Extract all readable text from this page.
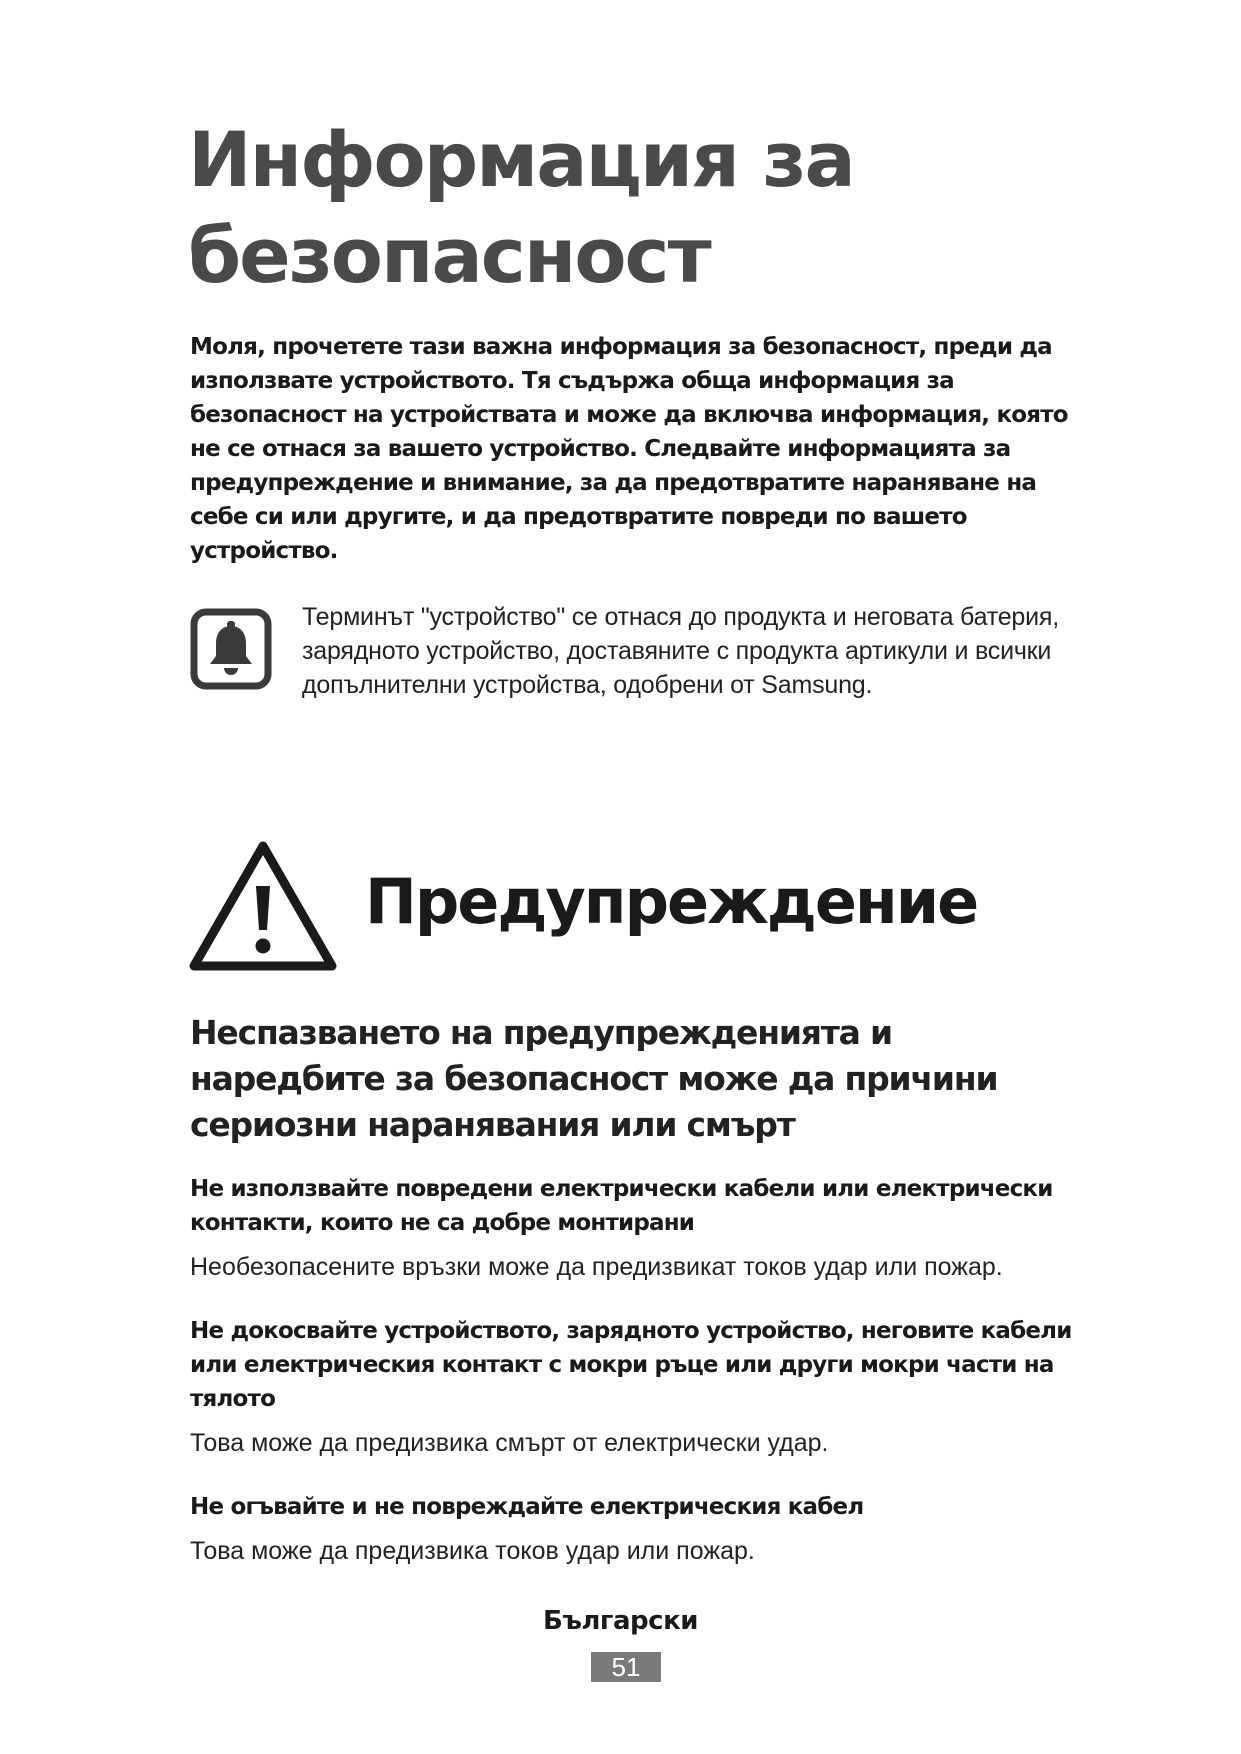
Информация за
безопасност

Моля, прочетете тази важна информация за безопасност, преди да използвате устройството. Тя съдържа обща информация за безопасност на устройствата и може да включва информация, която не се отнася за вашето устройство. Следвайте информацията за предупреждение и внимание, за да предотвратите нараняване на себе си или другите, и да предотвратите повреди по вашето устройство.

Терминът "устройство" се отнася до продукта и неговата батерия, зарядното устройство, доставяните с продукта артикули и всички допълнителни устройства, одобрени от Samsung.

Предупреждение
Неспазването на предупрежденията и наредбите за безопасност може да причини сериозни наранявания или смърт

Не използвайте повредени електрически кабели или електрически контакти, които не са добре монтирани

Необезопасените връзки може да предизвикат токов удар или пожар.

Не докосвайте устройството, зарядното устройство, неговите кабели или електрическия контакт с мокри ръце или други мокри части на тялото

Това може да предизвика смърт от електрически удар.

Не огъвайте и не повреждайте електрическия кабел

Това може да предизвика токов удар или пожар.

Български

51
